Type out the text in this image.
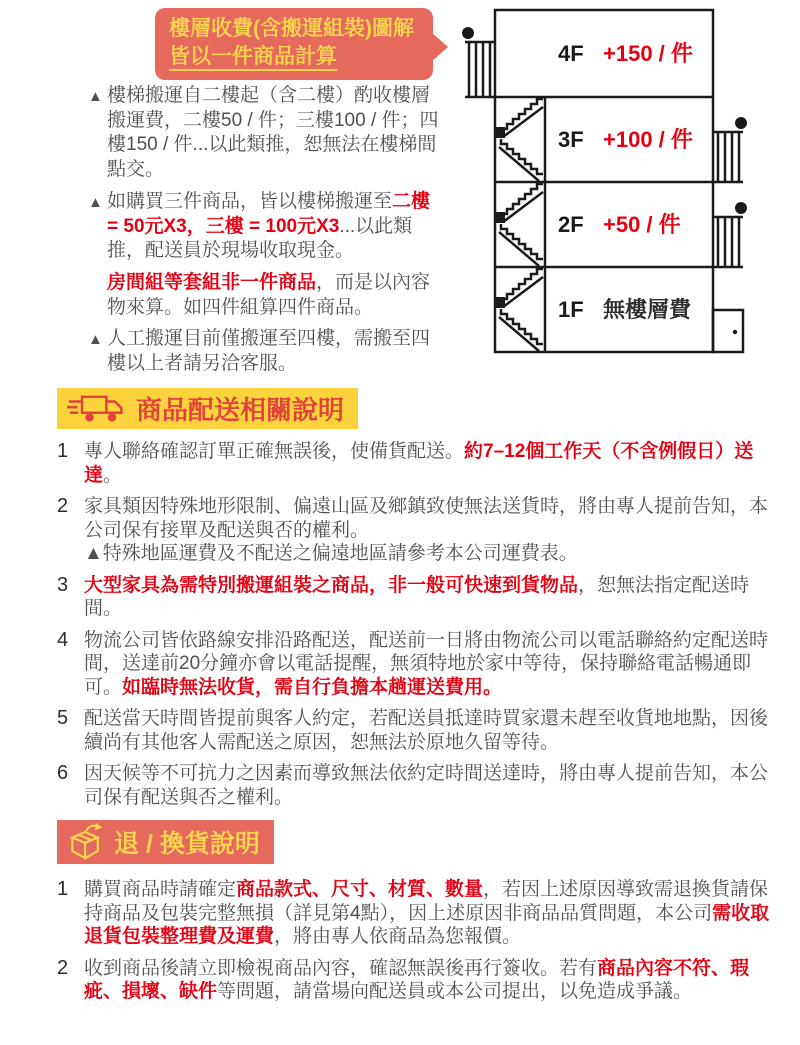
樓層收費(含搬運組裝)圖解
皆以一件商品計算
▲ 樓梯搬運自二樓起（含二樓）酌收樓層搬運費，二樓50 / 件；三樓100 / 件；四樓150 / 件...以此類推，恕無法在樓梯間點交。
▲ 如購買三件商品，皆以樓梯搬運至二樓 = 50元X3，三樓 = 100元X3...以此類推，配送員於現場收取現金。
房間組等套組非一件商品，而是以內容物來算。如四件組算四件商品。
▲ 人工搬運目前僅搬運至四樓，需搬至四樓以上者請另洽客服。
4F +150 / 件
3F +100 / 件
2F +50 / 件
1F 無樓層費
商品配送相關說明
1 專人聯絡確認訂單正確無誤後，使備貨配送。約7–12個工作天（不含例假日）送達。
2 家具類因特殊地形限制、偏遠山區及鄉鎮致使無法送貨時，將由專人提前告知，本公司保有接單及配送與否的權利。
▲特殊地區運費及不配送之偏遠地區請參考本公司運費表。
3 大型家具為需特別搬運組裝之商品，非一般可快速到貨物品，恕無法指定配送時間。
4 物流公司皆依路線安排沿路配送，配送前一日將由物流公司以電話聯絡約定配送時間，送達前20分鐘亦會以電話提醒，無須特地於家中等待，保持聯絡電話暢通即可。如臨時無法收貨，需自行負擔本趟運送費用。
5 配送當天時間皆提前與客人約定，若配送員抵達時買家還未趕至收貨地地點，因後續尚有其他客人需配送之原因，恕無法於原地久留等待。
6 因天候等不可抗力之因素而導致無法依約定時間送達時，將由專人提前告知，本公司保有配送與否之權利。
退 / 換貨說明
1 購買商品時請確定商品款式、尺寸、材質、數量，若因上述原因導致需退換貨請保持商品及包裝完整無損（詳見第4點），因上述原因非商品品質問題，本公司需收取退貨包裝整理費及運費，將由專人依商品為您報價。
2 收到商品後請立即檢視商品內容，確認無誤後再行簽收。若有商品內容不符、瑕疵、損壞、缺件等問題，請當場向配送員或本公司提出，以免造成爭議。
